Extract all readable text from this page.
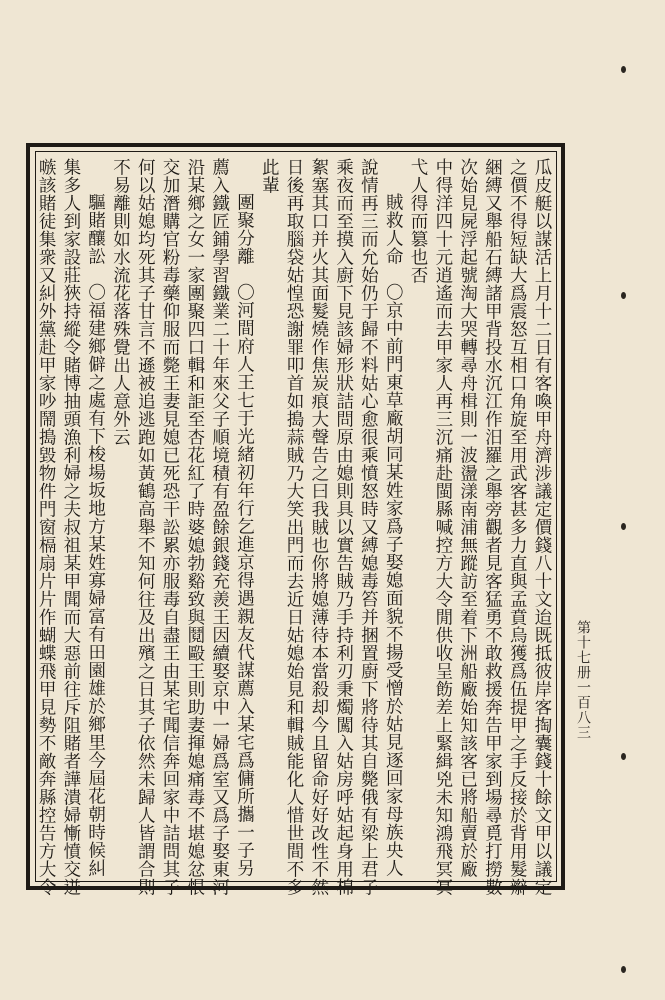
瓜皮艇以謀活上月十二日有客喚甲舟濟涉議定價錢八十文迨既抵彼岸客掏囊錢十餘文甲以議定
之價不得短缺大爲震怒互相口角旋至用武客甚多力直與孟賁烏獲爲伍提甲之手反接於背用髮辮
綑縛又舉船石縛諸甲背投水沉江作汨羅之舉旁觀者見客猛勇不敢救援奔告甲家到場尋覓打撈數
次始見屍浮起號淘大哭轉尋舟楫則一波盪漾南浦無蹤訪至着下洲船廠始知該客已將船賣於廠
中得洋四十元逍遙而去甲家人再三沉痛赴閩縣喊控方大令閒供收呈飭差上緊緝兇未知鴻飛冥冥
弋人得而篡也否
賊救人命　〇京中前門東草廠胡同某姓家爲子娶媳面貌不揚受憎於姑見逐回家母族央人
說情再三而允始仍于歸不料姑心愈很乘憤怒時又縛媳毒笞并捆置廚下將待其自斃俄有梁上君子
乘夜而至摸入廚下見該婦形狀詰問原由媳則具以實告賊乃手持利刃秉燭闖入姑房呼姑起身用棉
絮塞其口并火其面髮燒作焦炭痕大聲告之曰我賊也你將媳薄待本當殺却今且留命好好改性不然
日後再取腦袋姑惶恐謝罪叩首如搗蒜賊乃大笑出門而去近日姑媳始見和輯賊能化人惜世間不多
此輩
團聚分離　〇河間府人王七于光緒初年行乞進京得遇親友代謀薦入某宅爲傭所攜一子另
薦入鐵匠鋪學習鐵業二十年來父子順境積有盈餘銀錢充羨王因續娶京中一婦爲室又爲子娶東河
沿某鄉之女一家團聚四口輯和詎至杏花紅了時婆媳勃谿致與鬩毆王則助妻揮媳痛毒不堪媳忿恨
交加潛購官粉毒藥仰服而斃王妻見媳已死恐干訟累亦服毒自盡王由某宅聞信奔回家中詰問其子
何以姑媳均死其子甘言不遜被追逃跑如黃鶴高舉不知何往及出殯之日其子依然未歸人皆謂合則
不易離則如水流花落殊覺出人意外云
驅賭釀訟　〇福建鄉僻之處有下梭場坂地方某姓寡婦富有田園雄於鄉里今屆花朝時候糾
集多人到家設莊狹持縱令賭博抽頭漁利婦之夫叔祖某甲聞而大惡前往斥阻賭者譁潰婦慚憤交迸
嗾該賭徒集衆又糾外黨赴甲家吵鬧搗毀物件門窗槅扇片片作蝴蝶飛甲見勢不敵奔縣控告方大令	第十七册一百八三
